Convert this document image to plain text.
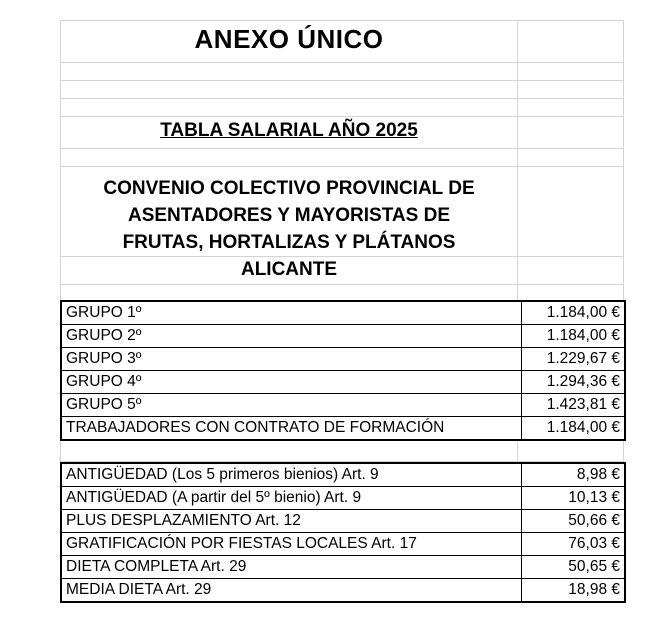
ANEXO ÚNICO
TABLA SALARIAL AÑO 2025
CONVENIO COLECTIVO PROVINCIAL DE
ASENTADORES Y MAYORISTAS DE
FRUTAS, HORTALIZAS Y PLÁTANOS
ALICANTE
GRUPO 1º	1.184,00 €
GRUPO 2º	1.184,00 €
GRUPO 3º	1.229,67 €
GRUPO 4º	1.294,36 €
GRUPO 5º	1.423,81 €
TRABAJADORES CON CONTRATO DE FORMACIÓN	1.184,00 €
ANTIGÜEDAD (Los 5 primeros bienios) Art. 9	8,98 €
ANTIGÜEDAD (A partir del 5º bienio) Art. 9	10,13 €
PLUS DESPLAZAMIENTO Art. 12	50,66 €
GRATIFICACIÓN POR FIESTAS LOCALES Art. 17	76,03 €
DIETA COMPLETA Art. 29	50,65 €
MEDIA DIETA Art. 29	18,98 €
